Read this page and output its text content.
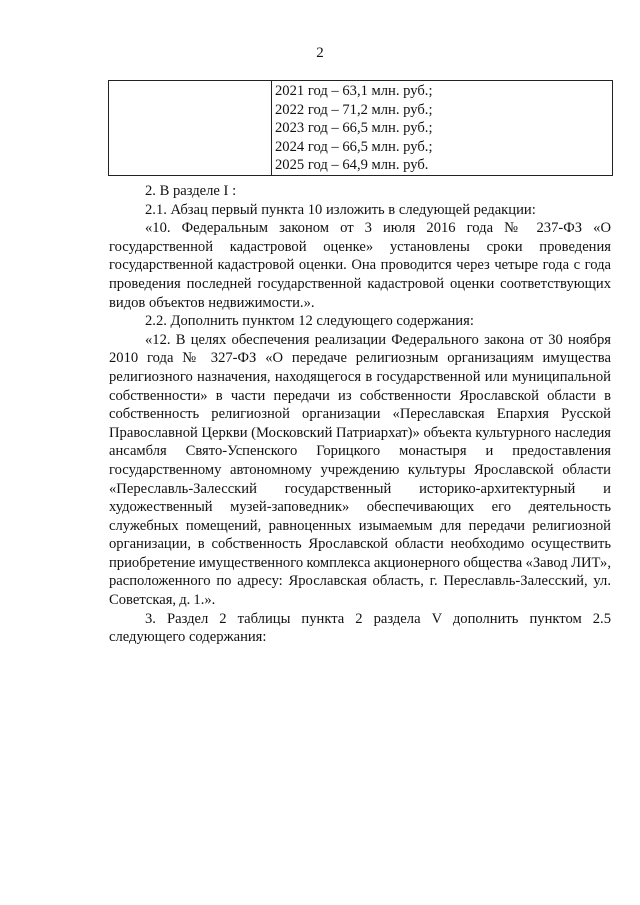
2

2021 год – 63,1 млн. руб.;
2022 год – 71,2 млн. руб.;
2023 год – 66,5 млн. руб.;
2024 год – 66,5 млн. руб.;
2025 год – 64,9 млн. руб.

2. В разделе I :

2.1. Абзац первый пункта 10 изложить в следующей редакции:

«10. Федеральным законом от 3 июля 2016 года № 237-ФЗ «О государственной кадастровой оценке» установлены сроки проведения государственной кадастровой оценки. Она проводится через четыре года с года проведения последней государственной кадастровой оценки соответствующих видов объектов недвижимости.».

2.2. Дополнить пунктом 12 следующего содержания:

«12. В целях обеспечения реализации Федерального закона от 30 ноября 2010 года № 327-ФЗ «О передаче религиозным организациям имущества религиозного назначения, находящегося в государственной или муниципальной собственности» в части передачи из собственности Ярославской области в собственность религиозной организации «Переславская Епархия Русской Православной Церкви (Московский Патриархат)» объекта культурного наследия ансамбля Свято-Успенского Горицкого монастыря и предоставления государственному автономному учреждению культуры Ярославской области «Переславль-Залесский государственный историко-архитектурный и художественный музей-заповедник» обеспечивающих его деятельность служебных помещений, равноценных изымаемым для передачи религиозной организации, в собственность Ярославской области необходимо осуществить приобретение имущественного комплекса акционерного общества «Завод ЛИТ», расположенного по адресу: Ярославская область, г. Переславль-Залесский, ул. Советская, д. 1.».

3. Раздел 2 таблицы пункта 2 раздела V дополнить пунктом 2.5 следующего содержания:
